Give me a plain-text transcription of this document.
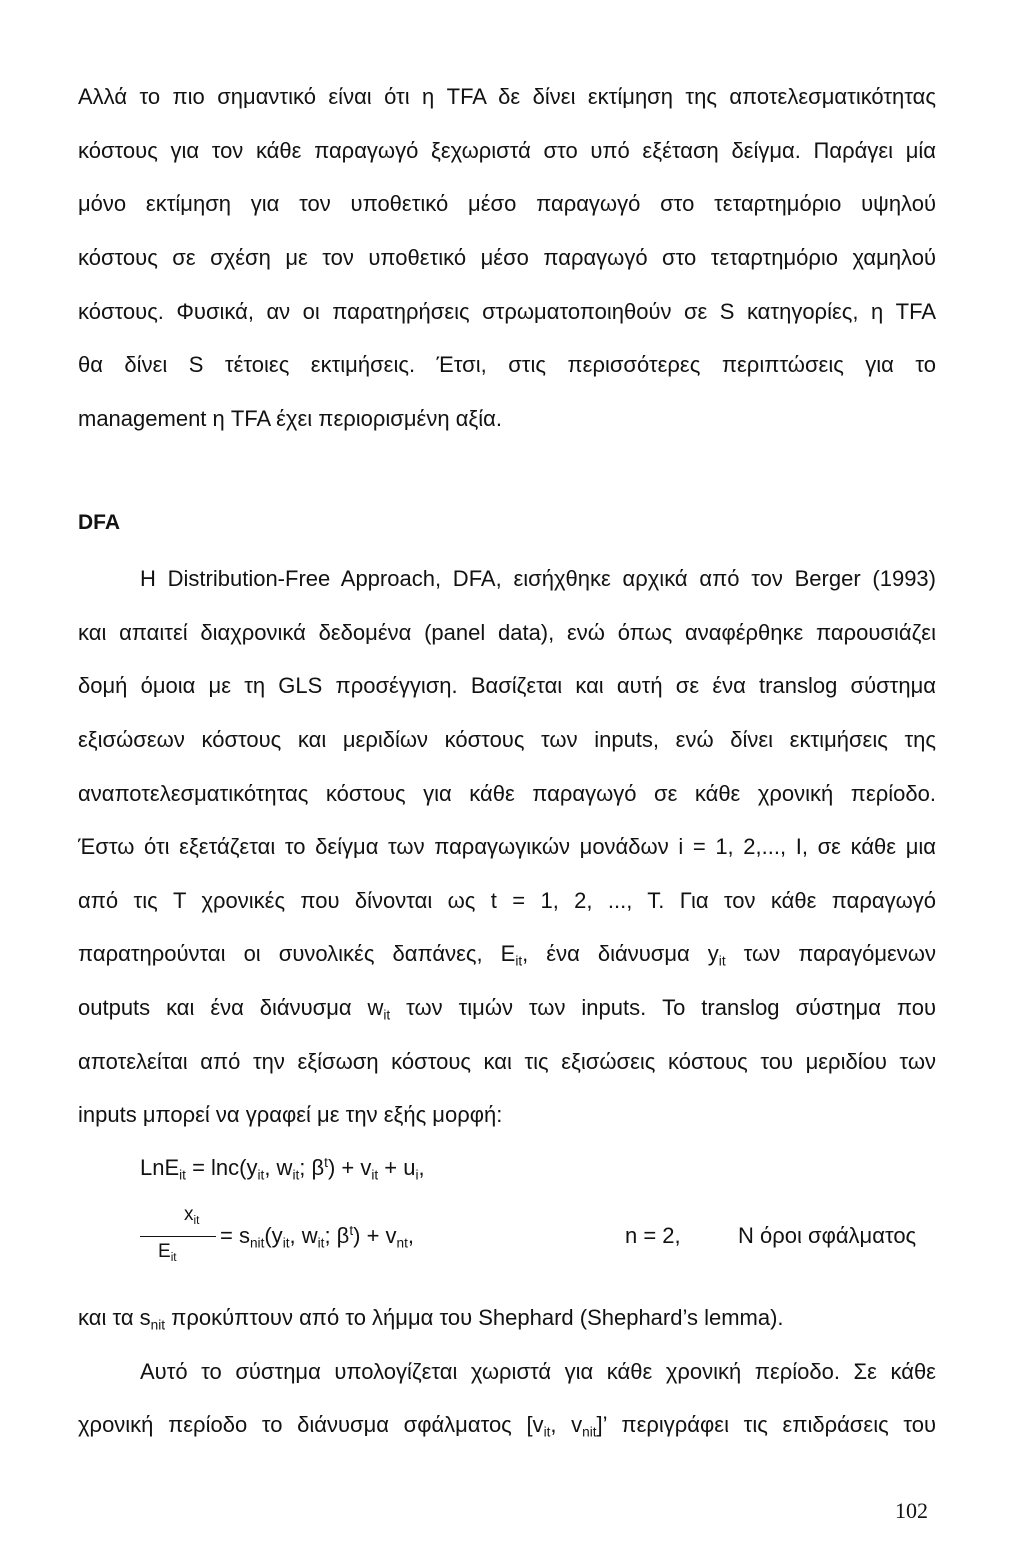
Αλλά το πιο σημαντικό είναι ότι η TFA δε δίνει εκτίμηση της αποτελεσματικότητας
κόστους για τον κάθε παραγωγό ξεχωριστά στο υπό εξέταση δείγμα. Παράγει μία
μόνο εκτίμηση για τον υποθετικό μέσο παραγωγό στο τεταρτημόριο υψηλού
κόστους σε σχέση με τον υποθετικό μέσο παραγωγό στο τεταρτημόριο χαμηλού
κόστους. Φυσικά, αν οι παρατηρήσεις στρωματοποιηθούν σε S κατηγορίες, η TFA
θα δίνει S τέτοιες εκτιμήσεις. Έτσι, στις περισσότερες περιπτώσεις για το
management η TFA έχει περιορισμένη αξία.
DFA
H Distribution-Free Approach, DFA, εισήχθηκε αρχικά από τον Berger (1993)
και απαιτεί διαχρονικά δεδομένα (panel data), ενώ όπως αναφέρθηκε παρουσιάζει
δομή όμοια με τη GLS προσέγγιση. Βασίζεται και αυτή σε ένα translog σύστημα
εξισώσεων κόστους και μεριδίων κόστους των inputs, ενώ δίνει εκτιμήσεις της
αναποτελεσματικότητας κόστους για κάθε παραγωγό σε κάθε χρονική περίοδο.
Έστω ότι εξετάζεται το δείγμα των παραγωγικών μονάδων i = 1, 2,..., I, σε κάθε μια
από τις T χρονικές που δίνονται ως t = 1, 2, ..., T. Για τον κάθε παραγωγό
παρατηρούνται οι συνολικές δαπάνες, $E_{it}$, ένα διάνυσμα $y_{it}$ των παραγόμενων
outputs και ένα διάνυσμα $w_{it}$ των τιμών των inputs. Το translog σύστημα που
αποτελείται από την εξίσωση κόστους και τις εξισώσεις κόστους του μεριδίου των
inputs μπορεί να γραφεί με την εξής μορφή:
$LnE_{it} = \ln c(y_{it}$, $w_{it}$; $\beta^t) + v_{it} + u_i$,
$x_{it}$
$E_{it}$
= $s_{nit}(y_{it}$, $w_{it}$; $\beta^t) + v_{nt}$,	n = 2,	N όροι σφάλματος
και τα $s_{nit}$ προκύπτουν από το λήμμα του Shephard (Shephard’s lemma).
Αυτό το σύστημα υπολογίζεται χωριστά για κάθε χρονική περίοδο. Σε κάθε
χρονική περίοδο το διάνυσμα σφάλματος [$v_{it}$, $v_{nit}$]’ περιγράφει τις επιδράσεις του
102
